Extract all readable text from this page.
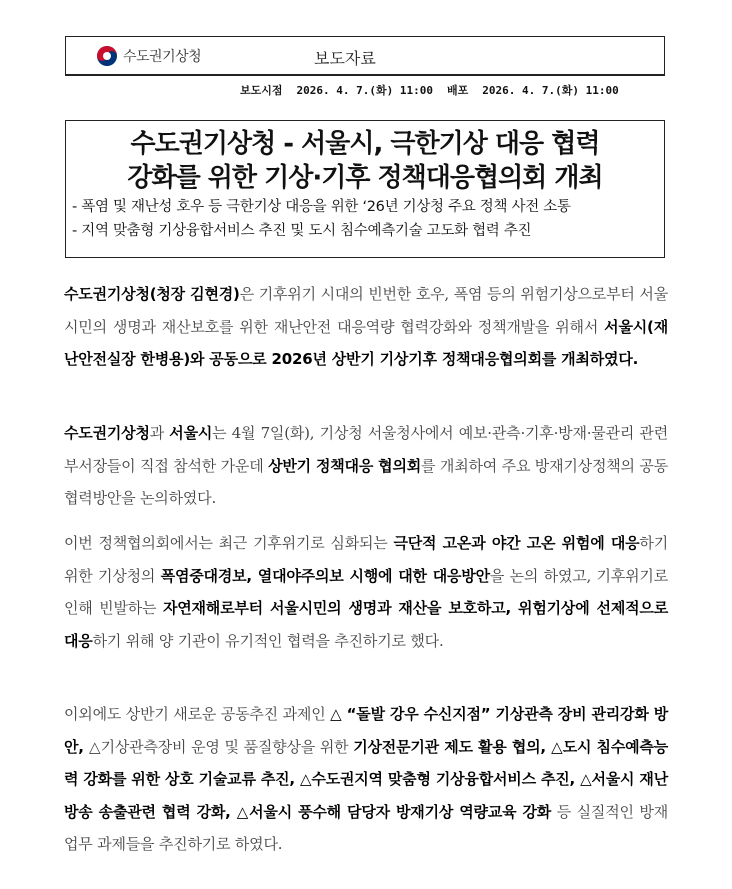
수도권기상청	보도자료
보도시점 2026. 4. 7.(화) 11:00 배포 2026. 4. 7.(화) 11:00
수도권기상청 - 서울시, 극한기상 대응 협력
강화를 위한 기상·기후 정책대응협의회 개최
- 폭염 및 재난성 호우 등 극한기상 대응을 위한 ‘26년 기상청 주요 정책 사전 소통
- 지역 맞춤형 기상융합서비스 추진 및 도시 침수예측기술 고도화 협력 추진
수도권기상청(청장 김현경)은 기후위기 시대의 빈번한 호우, 폭염 등의 위험기상으로부터 서울시민의 생명과 재산보호를 위한 재난안전 대응역량 협력강화와 정책개발을 위해서 서울시(재난안전실장 한병용)와 공동으로 2026년 상반기 기상기후 정책대응협의회를 개최하였다.
수도권기상청과 서울시는 4월 7일(화), 기상청 서울청사에서 예보·관측·기후·방재·물관리 관련 부서장들이 직접 참석한 가운데 상반기 정책대응 협의회를 개최하여 주요 방재기상정책의 공동 협력방안을 논의하였다.
이번 정책협의회에서는 최근 기후위기로 심화되는 극단적 고온과 야간 고온 위험에 대응하기 위한 기상청의 폭염중대경보, 열대야주의보 시행에 대한 대응방안을 논의 하였고, 기후위기로 인해 빈발하는 자연재해로부터 서울시민의 생명과 재산을 보호하고, 위험기상에 선제적으로 대응하기 위해 양 기관이 유기적인 협력을 추진하기로 했다.
이외에도 상반기 새로운 공동추진 과제인 △ “돌발 강우 수신지점” 기상관측 장비 관리강화 방안, △기상관측장비 운영 및 품질향상을 위한 기상전문기관 제도 활용 협의, △도시 침수예측능력 강화를 위한 상호 기술교류 추진, △수도권지역 맞춤형 기상융합서비스 추진, △서울시 재난방송 송출관련 협력 강화, △서울시 풍수해 담당자 방재기상 역량교육 강화 등 실질적인 방재 업무 과제들을 추진하기로 하였다.
